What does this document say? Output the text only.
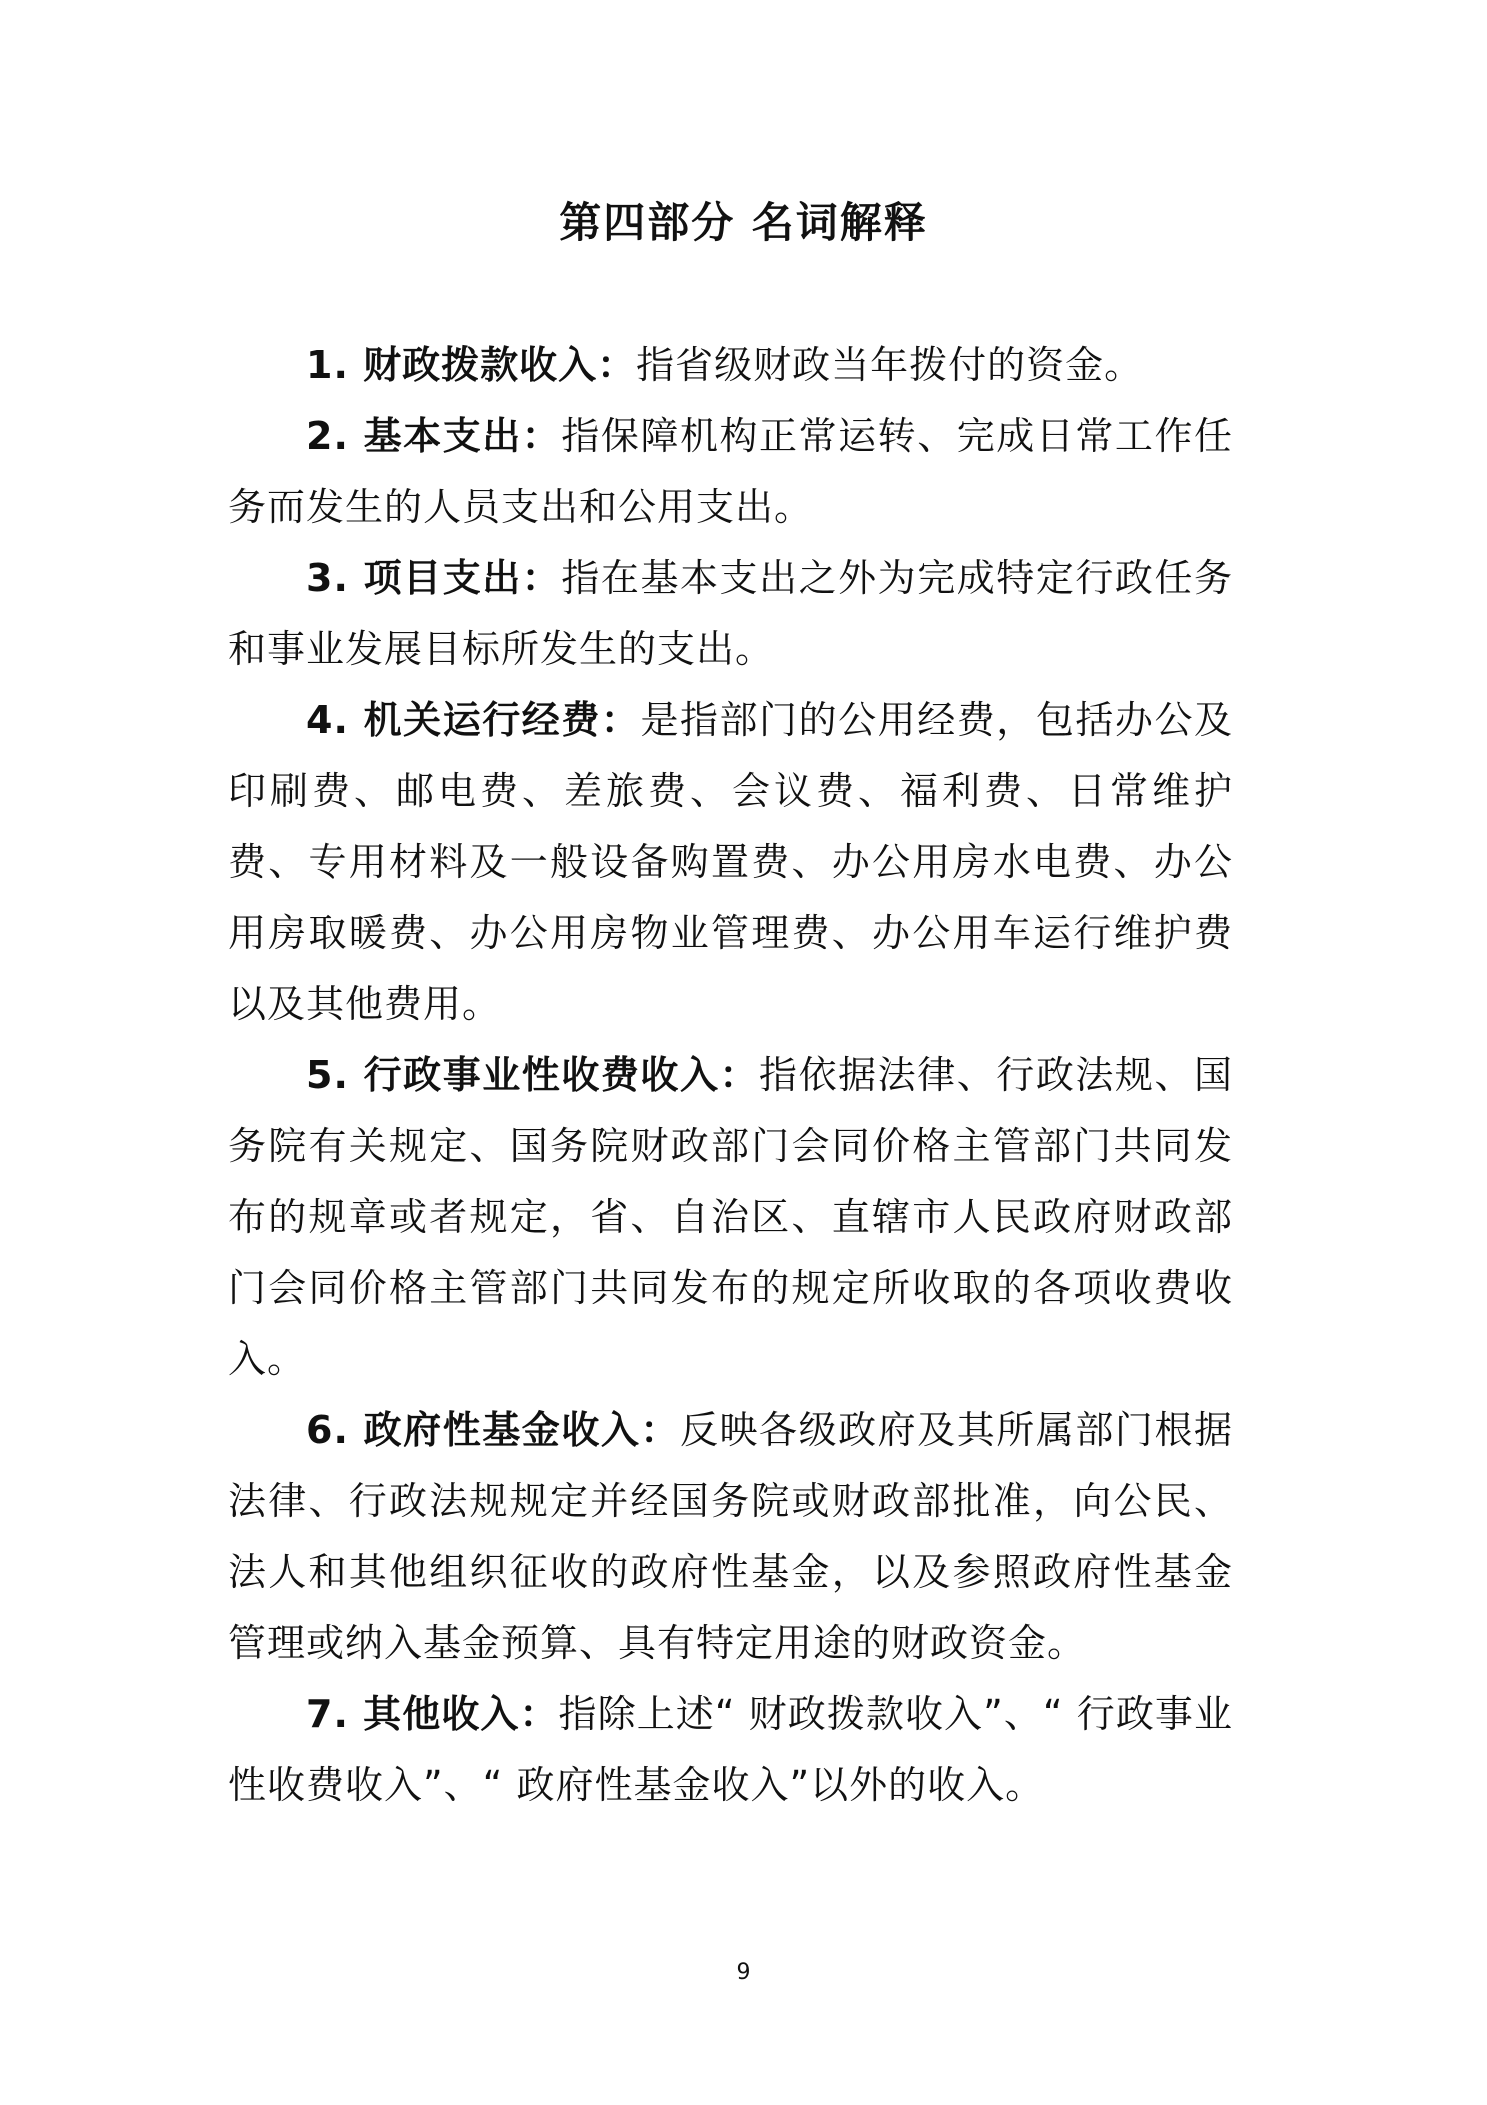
第四部分 名词解释

1. 财政拨款收入：指省级财政当年拨付的资金。

2. 基本支出：指保障机构正常运转、完成日常工作任务而发生的人员支出和公用支出。

3. 项目支出：指在基本支出之外为完成特定行政任务和事业发展目标所发生的支出。

4. 机关运行经费：是指部门的公用经费，包括办公及印刷费、邮电费、差旅费、会议费、福利费、日常维护费、专用材料及一般设备购置费、办公用房水电费、办公用房取暖费、办公用房物业管理费、办公用车运行维护费以及其他费用。

5. 行政事业性收费收入：指依据法律、行政法规、国务院有关规定、国务院财政部门会同价格主管部门共同发布的规章或者规定，省、自治区、直辖市人民政府财政部门会同价格主管部门共同发布的规定所收取的各项收费收入。

6. 政府性基金收入：反映各级政府及其所属部门根据法律、行政法规规定并经国务院或财政部批准，向公民、法人和其他组织征收的政府性基金，以及参照政府性基金管理或纳入基金预算、具有特定用途的财政资金。

7. 其他收入：指除上述“ 财政拨款收入”、“ 行政事业性收费收入”、“ 政府性基金收入”以外的收入。

9
